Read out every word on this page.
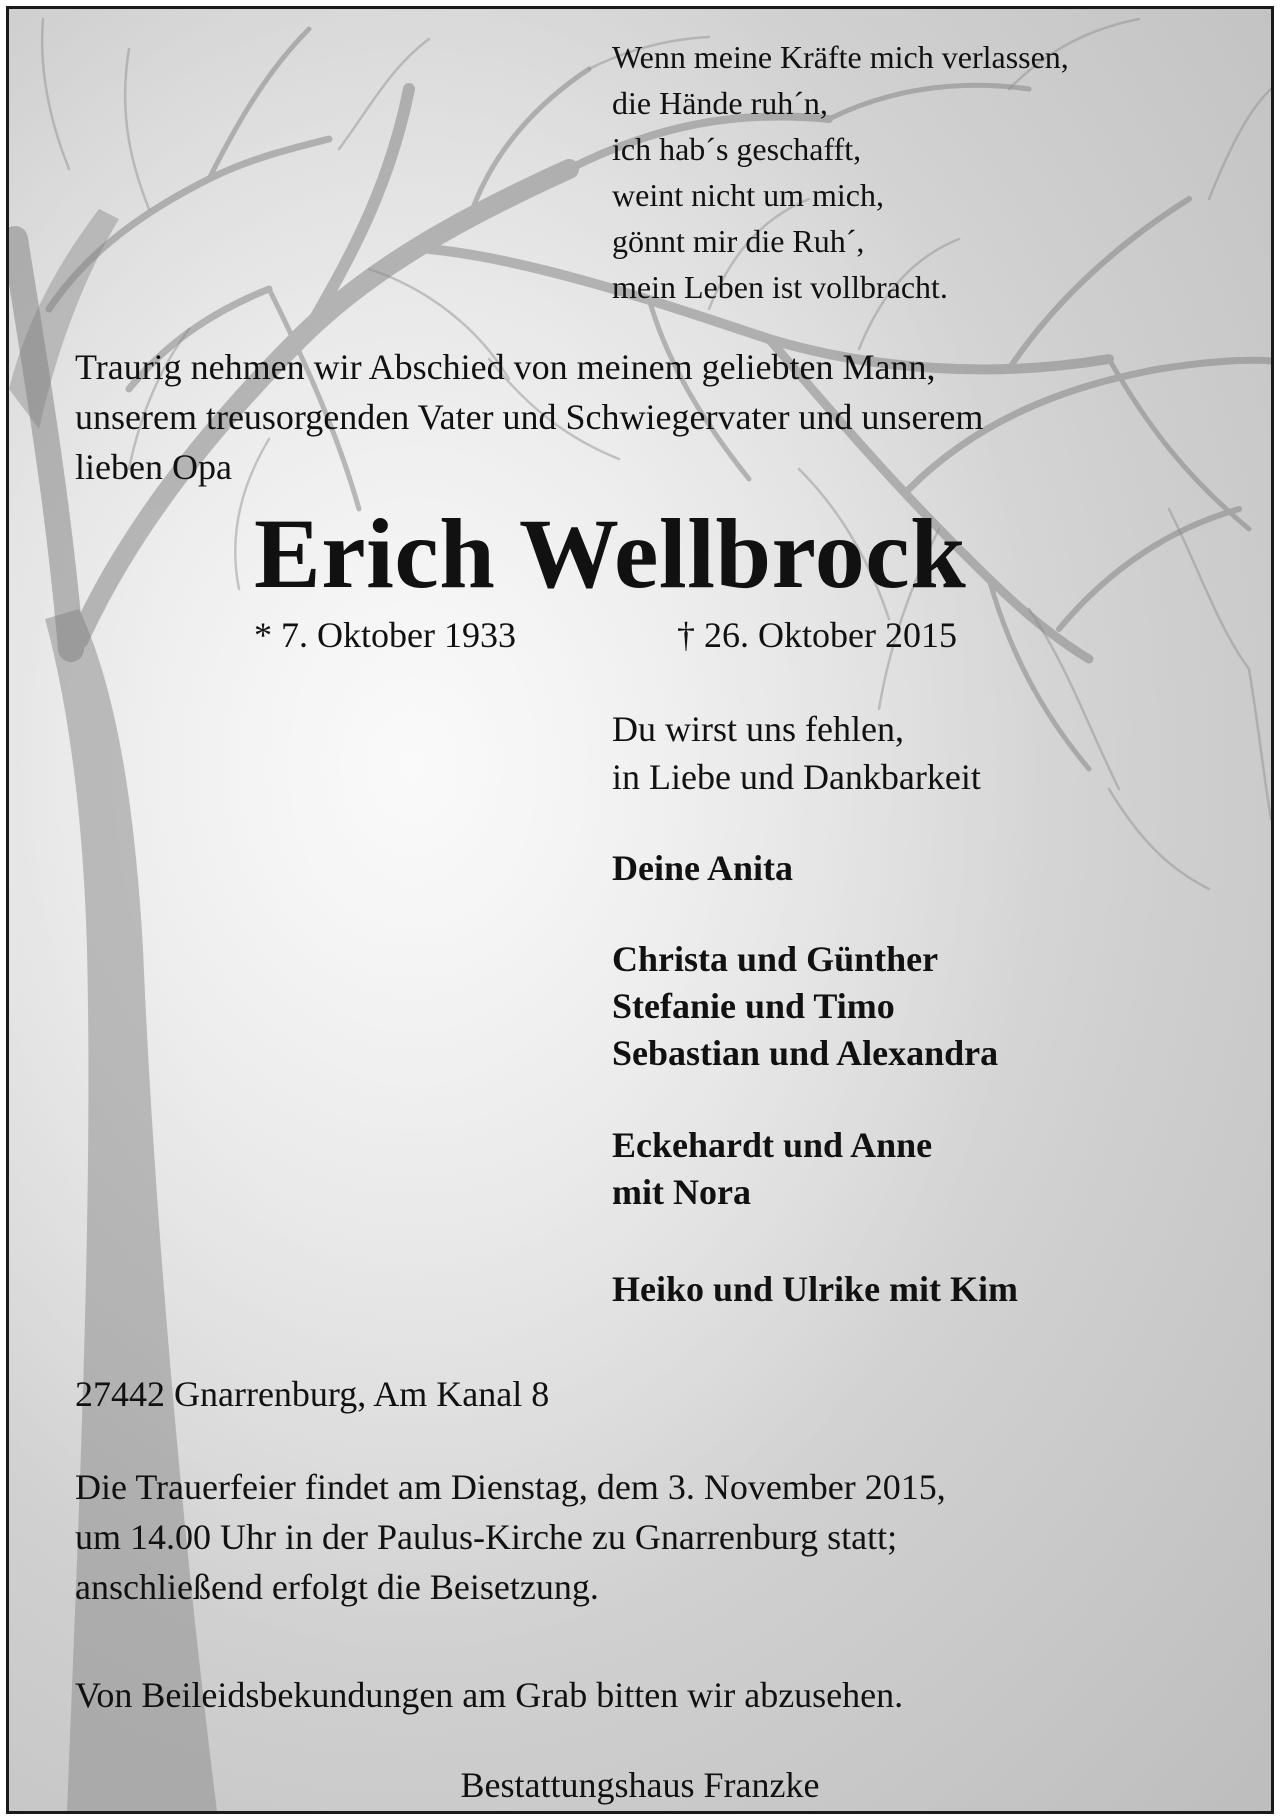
Wenn meine Kräfte mich verlassen,
die Hände ruh´n,
ich hab´s geschafft,
weint nicht um mich,
gönnt mir die Ruh´,
mein Leben ist vollbracht.
Traurig nehmen wir Abschied von meinem geliebten Mann,
unserem treusorgenden Vater und Schwiegervater und unserem
lieben Opa
Erich Wellbrock
* 7. Oktober 1933	† 26. Oktober 2015
Du wirst uns fehlen,
in Liebe und Dankbarkeit
Deine Anita
Christa und Günther
Stefanie und Timo
Sebastian und Alexandra
Eckehardt und Anne
mit Nora
Heiko und Ulrike mit Kim
27442 Gnarrenburg, Am Kanal 8
Die Trauerfeier findet am Dienstag, dem 3. November 2015,
um 14.00 Uhr in der Paulus-Kirche zu Gnarrenburg statt;
anschließend erfolgt die Beisetzung.
Von Beileidsbekundungen am Grab bitten wir abzusehen.
Bestattungshaus Franzke
